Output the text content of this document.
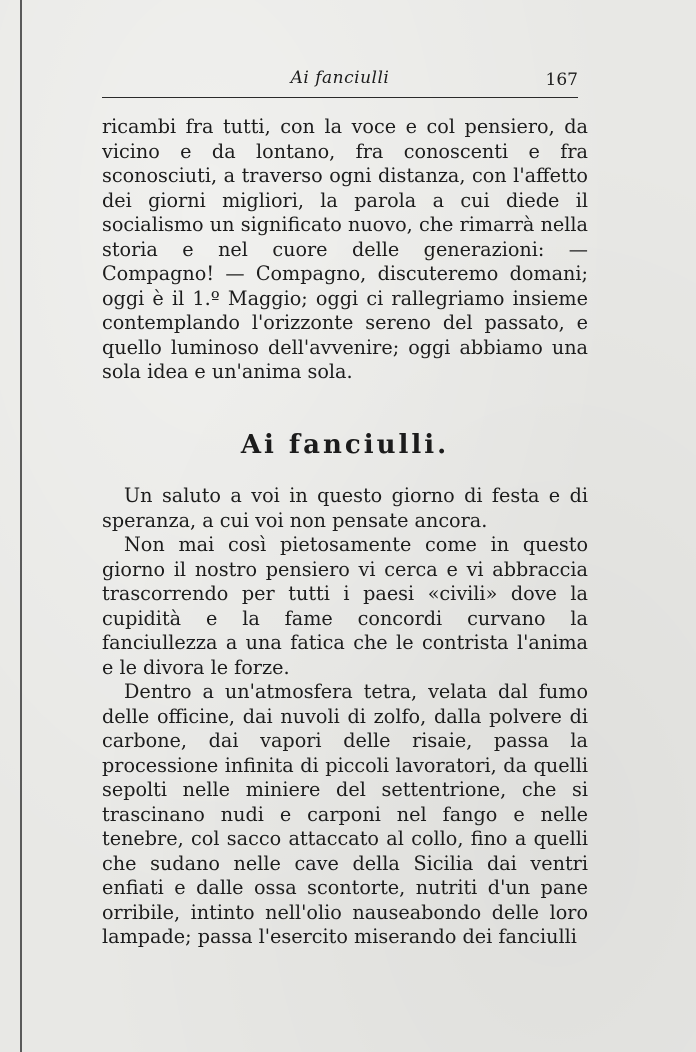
Ai fanciulli	167

ricambi fra tutti, con la voce e col pensiero, da vicino e da lontano, fra conoscenti e fra sconosciuti, a traverso ogni distanza, con l'affetto dei giorni migliori, la parola a cui diede il socialismo un significato nuovo, che rimarrà nella storia e nel cuore delle generazioni: — Compagno! — Compagno, discuteremo domani; oggi è il 1.º Maggio; oggi ci rallegriamo insieme contemplando l'orizzonte sereno del passato, e quello luminoso dell'avvenire; oggi abbiamo una sola idea e un'anima sola.

Ai fanciulli.

Un saluto a voi in questo giorno di festa e di speranza, a cui voi non pensate ancora.

Non mai così pietosamente come in questo giorno il nostro pensiero vi cerca e vi abbraccia trascorrendo per tutti i paesi «civili» dove la cupidità e la fame concordi curvano la fanciullezza a una fatica che le contrista l'anima e le divora le forze.

Dentro a un'atmosfera tetra, velata dal fumo delle officine, dai nuvoli di zolfo, dalla polvere di carbone, dai vapori delle risaie, passa la processione infinita di piccoli lavoratori, da quelli sepolti nelle miniere del settentrione, che si trascinano nudi e carponi nel fango e nelle tenebre, col sacco attaccato al collo, fino a quelli che sudano nelle cave della Sicilia dai ventri enfiati e dalle ossa scontorte, nutriti d'un pane orribile, intinto nell'olio nauseabondo delle loro lampade; passa l'esercito miserando dei fanciulli
